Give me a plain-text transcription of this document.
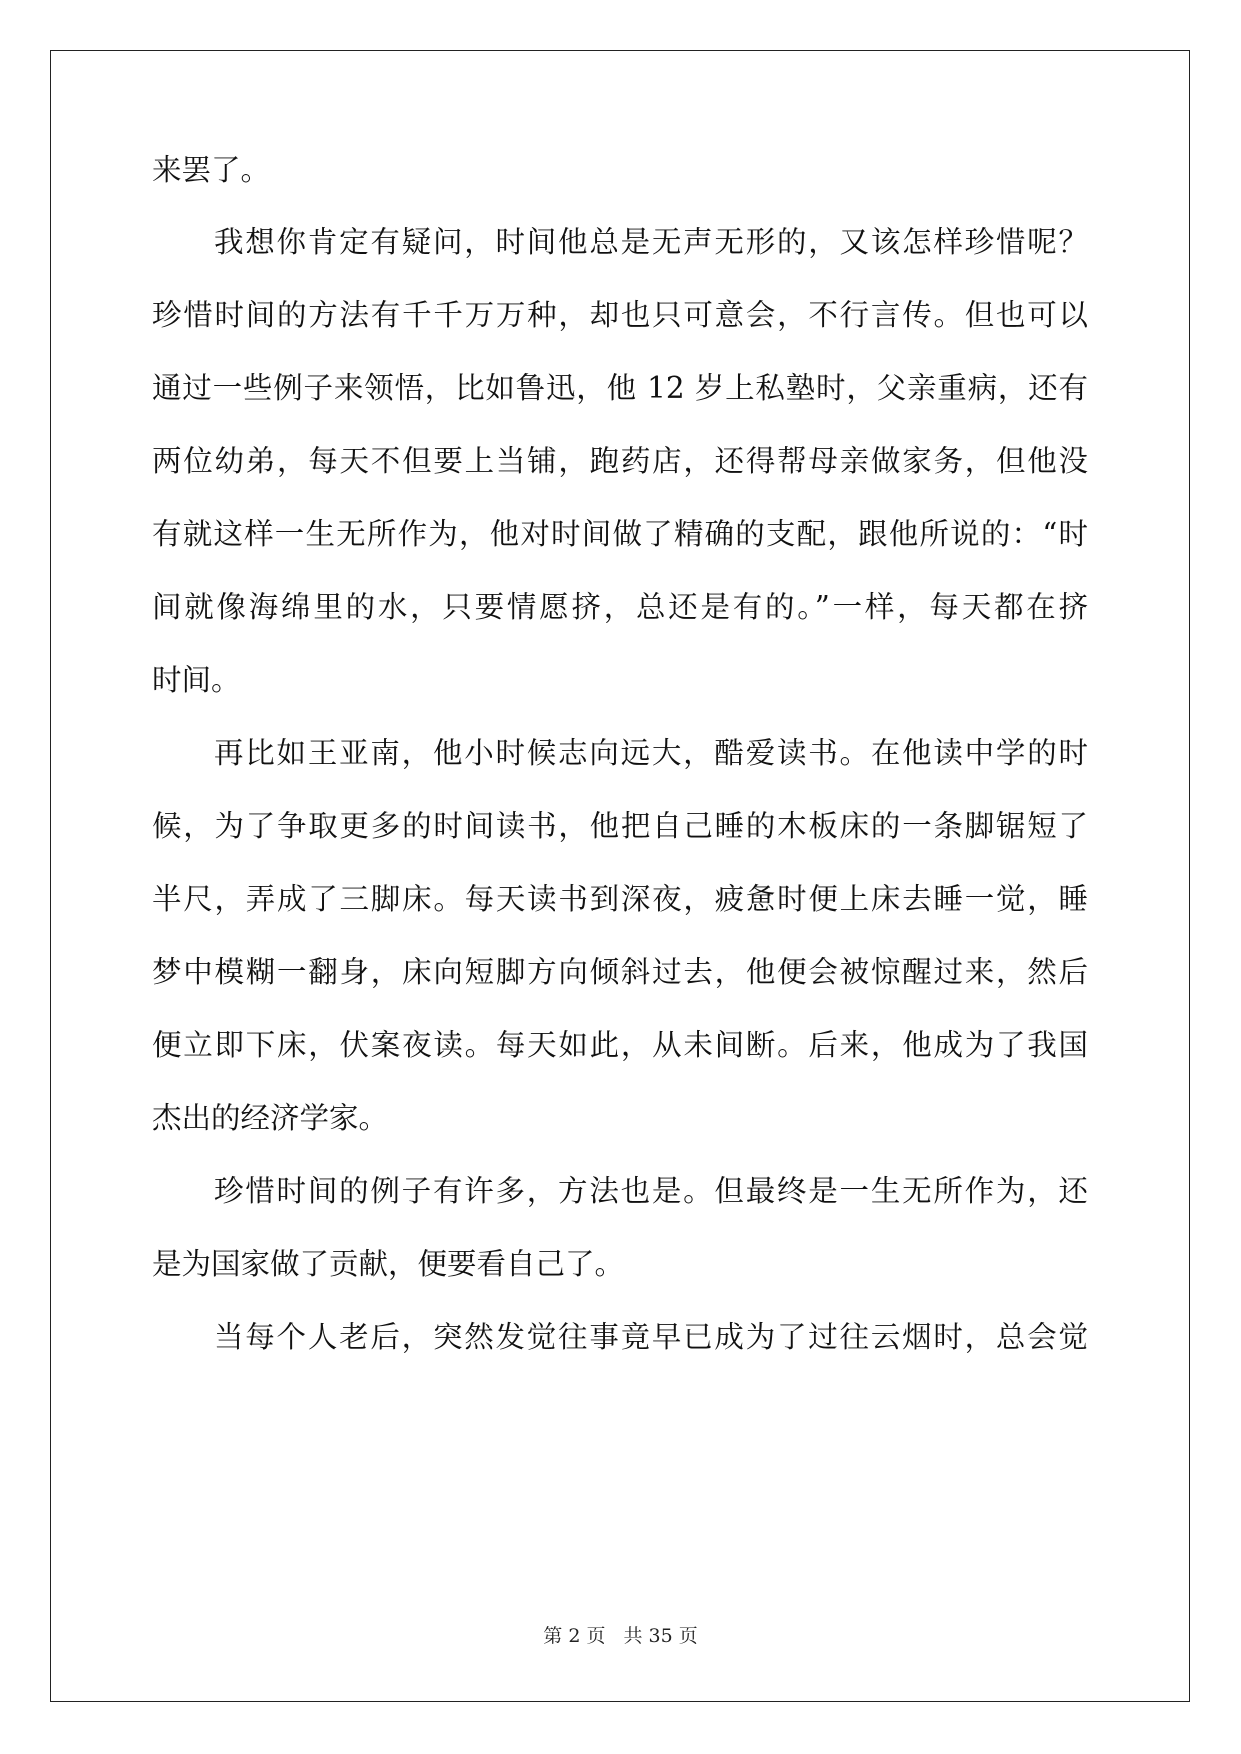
来罢了。
我想你肯定有疑问，时间他总是无声无形的，又该怎样珍惜呢？
珍惜时间的方法有千千万万种，却也只可意会，不行言传。但也可以
通过一些例子来领悟，比如鲁迅，他 12 岁上私塾时，父亲重病，还有
两位幼弟，每天不但要上当铺，跑药店，还得帮母亲做家务，但他没
有就这样一生无所作为，他对时间做了精确的支配，跟他所说的：“时
间就像海绵里的水，只要情愿挤，总还是有的。”一样，每天都在挤
时间。
再比如王亚南，他小时候志向远大，酷爱读书。在他读中学的时
候，为了争取更多的时间读书，他把自己睡的木板床的一条脚锯短了
半尺，弄成了三脚床。每天读书到深夜，疲惫时便上床去睡一觉，睡
梦中模糊一翻身，床向短脚方向倾斜过去，他便会被惊醒过来，然后
便立即下床，伏案夜读。每天如此，从未间断。后来，他成为了我国
杰出的经济学家。
珍惜时间的例子有许多，方法也是。但最终是一生无所作为，还
是为国家做了贡献，便要看自己了。
当每个人老后，突然发觉往事竟早已成为了过往云烟时，总会觉
第 2 页 共 35 页
